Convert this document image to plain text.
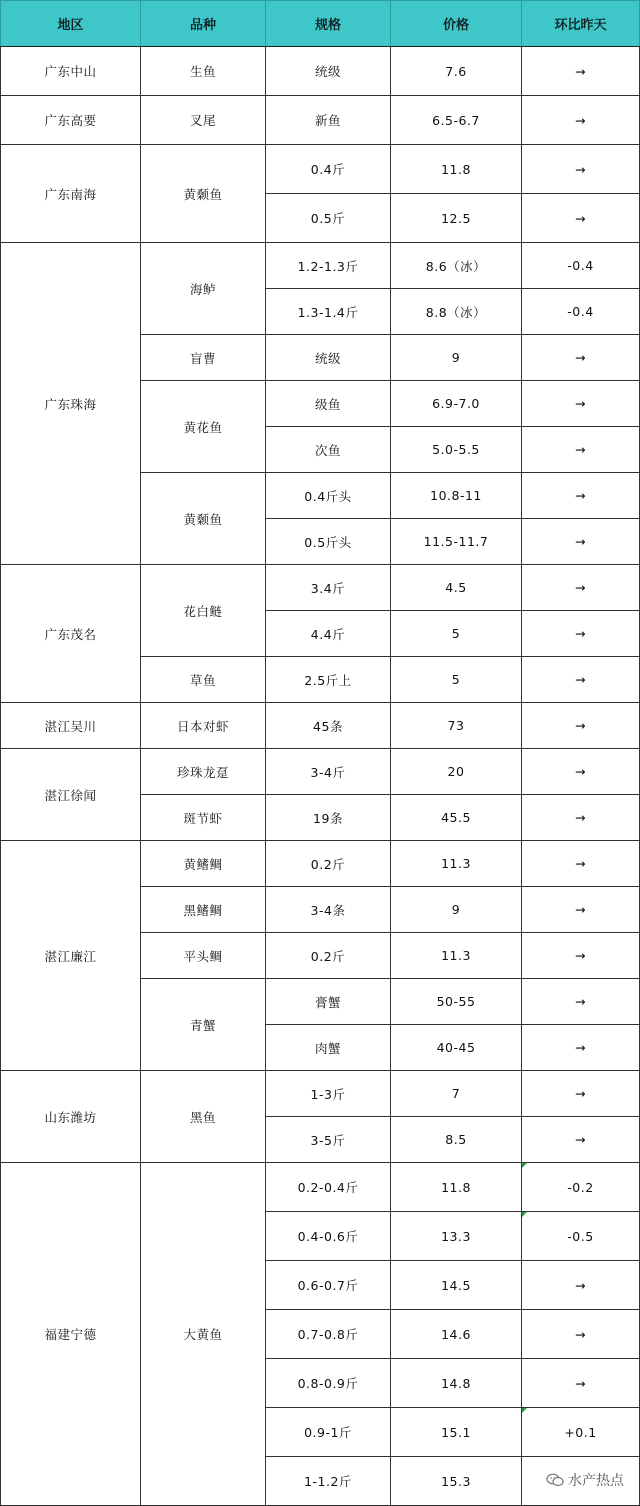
地区	品种	规格	价格	环比昨天
广东中山	生鱼	统级	7.6	→
广东高要	叉尾	新鱼	6.5-6.7	→
广东南海	黄颡鱼	0.4斤	11.8	→
		0.5斤	12.5	→
广东珠海	海鲈	1.2-1.3斤	8.6（冰）	-0.4
		1.3-1.4斤	8.8（冰）	-0.4
	盲曹	统级	9	→
	黄花鱼	级鱼	6.9-7.0	→
		次鱼	5.0-5.5	→
	黄颡鱼	0.4斤头	10.8-11	→
		0.5斤头	11.5-11.7	→
广东茂名	花白鲢	3.4斤	4.5	→
		4.4斤	5	→
	草鱼	2.5斤上	5	→
湛江吴川	日本对虾	45条	73	→
湛江徐闻	珍珠龙趸	3-4斤	20	→
	斑节虾	19条	45.5	→
湛江廉江	黄鳍鲷	0.2斤	11.3	→
	黑鳍鲷	3-4条	9	→
	平头鲷	0.2斤	11.3	→
	青蟹	膏蟹	50-55	→
		肉蟹	40-45	→
山东潍坊	黑鱼	1-3斤	7	→
		3-5斤	8.5	→
福建宁德	大黄鱼	0.2-0.4斤	11.8	-0.2
		0.4-0.6斤	13.3	-0.5
		0.6-0.7斤	14.5	→
		0.7-0.8斤	14.6	→
		0.8-0.9斤	14.8	→
		0.9-1斤	15.1	+0.1
		1-1.2斤	15.3		水产热点
